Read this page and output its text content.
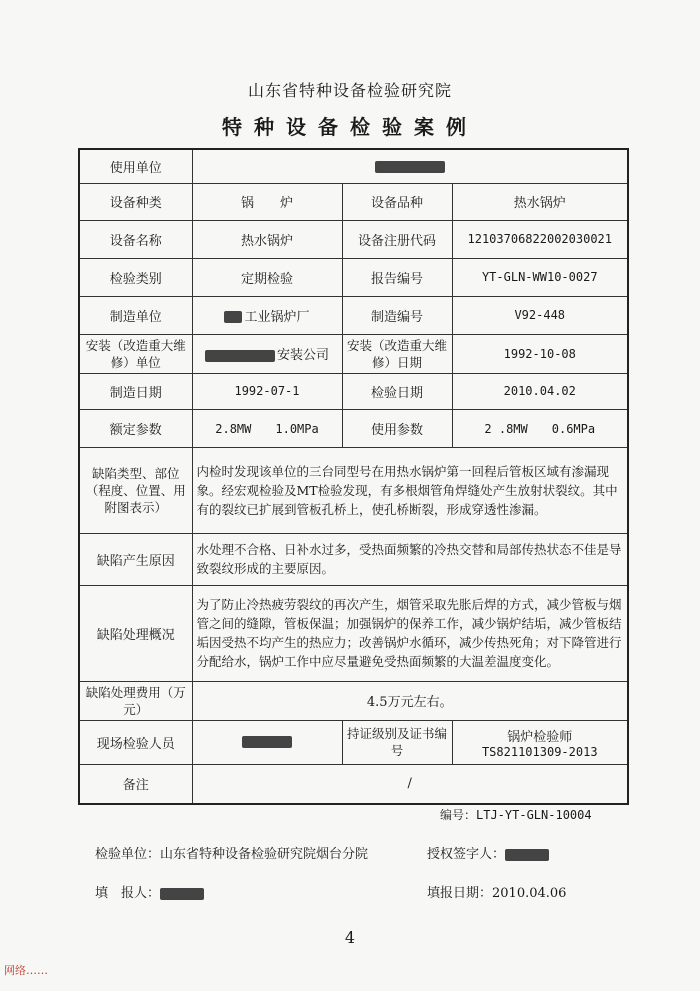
山东省特种设备检验研究院
特种设备检验案例
使用单位			
设备种类	锅　　炉	设备品种	热水锅炉
设备名称	热水锅炉	设备注册代码	12103706822002030021
检验类别	定期检验	报告编号	YT-GLN-WW10-0027
制造单位	工业锅炉厂	制造编号	V92-448
安装（改造重大维修）单位	安装公司	安装（改造重大维修）日期	1992-10-08
制造日期	1992-07-1	检验日期	2010.04.02
额定参数	2.8MW　　1.0MPa	使用参数	2 .8MW　　0.6MPa
缺陷类型、部位（程度、位置、用附图表示）	内检时发现该单位的三台同型号在用热水锅炉第一回程后管板区域有渗漏现象。经宏观检验及MT检验发现，有多根烟管角焊缝处产生放射状裂纹。其中有的裂纹已扩展到管板孔桥上，使孔桥断裂，形成穿透性渗漏。		
缺陷产生原因	水处理不合格、日补水过多，受热面频繁的冷热交替和局部传热状态不佳是导致裂纹形成的主要原因。		
缺陷处理概况	为了防止冷热疲劳裂纹的再次产生，烟管采取先胀后焊的方式，减少管板与烟管之间的缝隙，管板保温；加强锅炉的保养工作，减少锅炉结垢，减少管板结垢因受热不均产生的热应力；改善锅炉水循环，减少传热死角；对下降管进行分配给水，锅炉工作中应尽量避免受热面频繁的大温差温度变化。		
缺陷处理费用（万元）	4.5万元左右。		
现场检验人员		持证级别及证书编号	锅炉检验师
TS821101309-2013

备注	/		
编号：LTJ-YT-GLN-10004
检验单位：山东省特种设备检验研究院烟台分院	授权签字人：
填　报人：	填报日期：2010.04.06
4
网络……
